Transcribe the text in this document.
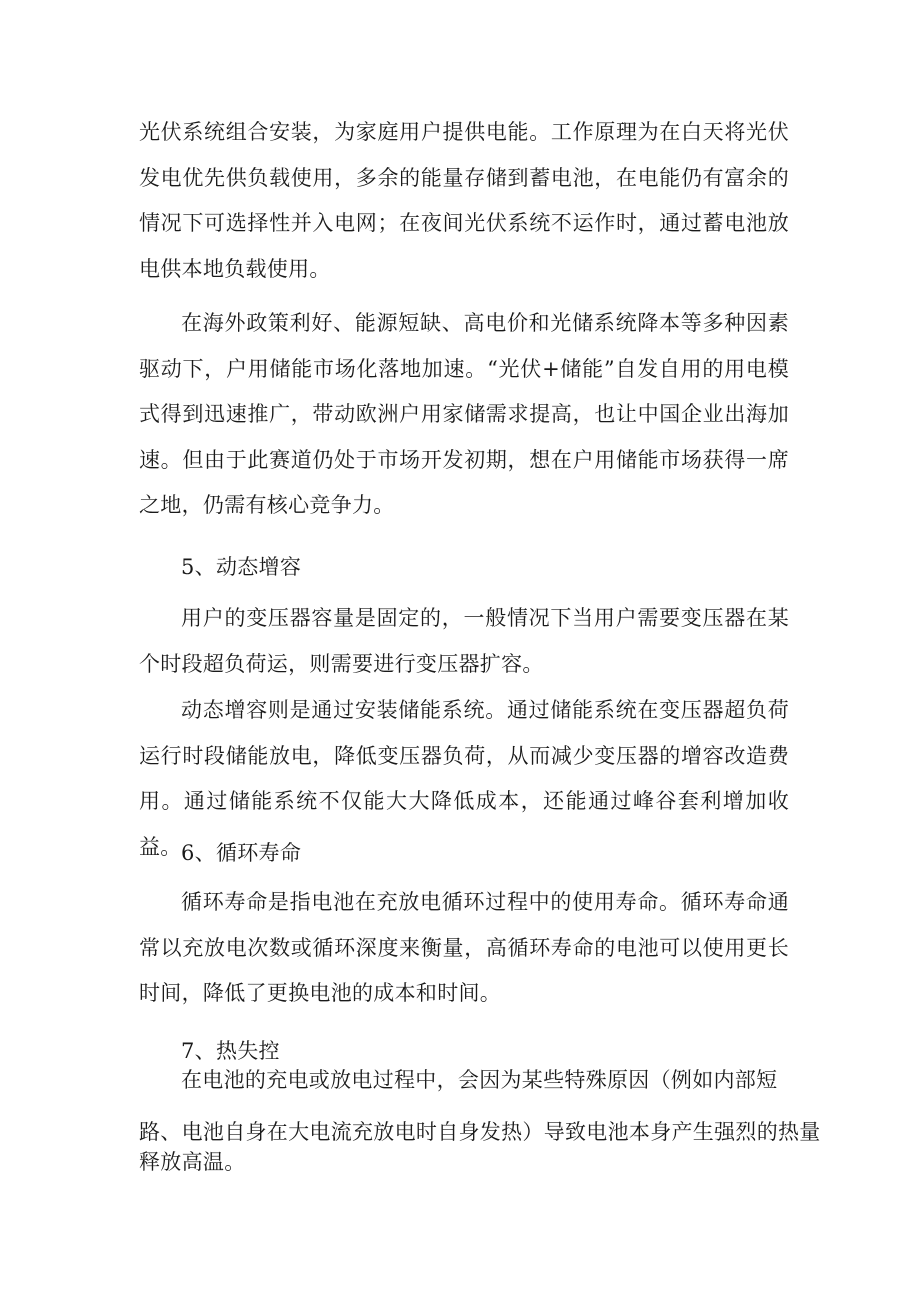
光伏系统组合安装，为家庭用户提供电能。工作原理为在白天将光伏发电优先供负载使用，多余的能量存储到蓄电池，在电能仍有富余的情况下可选择性并入电网；在夜间光伏系统不运作时，通过蓄电池放电供本地负载使用。

在海外政策利好、能源短缺、高电价和光储系统降本等多种因素驱动下，户用储能市场化落地加速。“光伏+储能”自发自用的用电模式得到迅速推广，带动欧洲户用家储需求提高，也让中国企业出海加速。但由于此赛道仍处于市场开发初期，想在户用储能市场获得一席之地，仍需有核心竞争力。

5、动态增容

用户的变压器容量是固定的，一般情况下当用户需要变压器在某个时段超负荷运，则需要进行变压器扩容。

动态增容则是通过安装储能系统。通过储能系统在变压器超负荷运行时段储能放电，降低变压器负荷，从而减少变压器的增容改造费用。通过储能系统不仅能大大降低成本，还能通过峰谷套利增加收益。 6、循环寿命

循环寿命是指电池在充放电循环过程中的使用寿命。循环寿命通常以充放电次数或循环深度来衡量，高循环寿命的电池可以使用更长时间，降低了更换电池的成本和时间。

7、热失控

在电池的充电或放电过程中，会因为某些特殊原因（例如内部短

路、电池自身在大电流充放电时自身发热）导致电池本身产生强烈的热量

释放高温。
